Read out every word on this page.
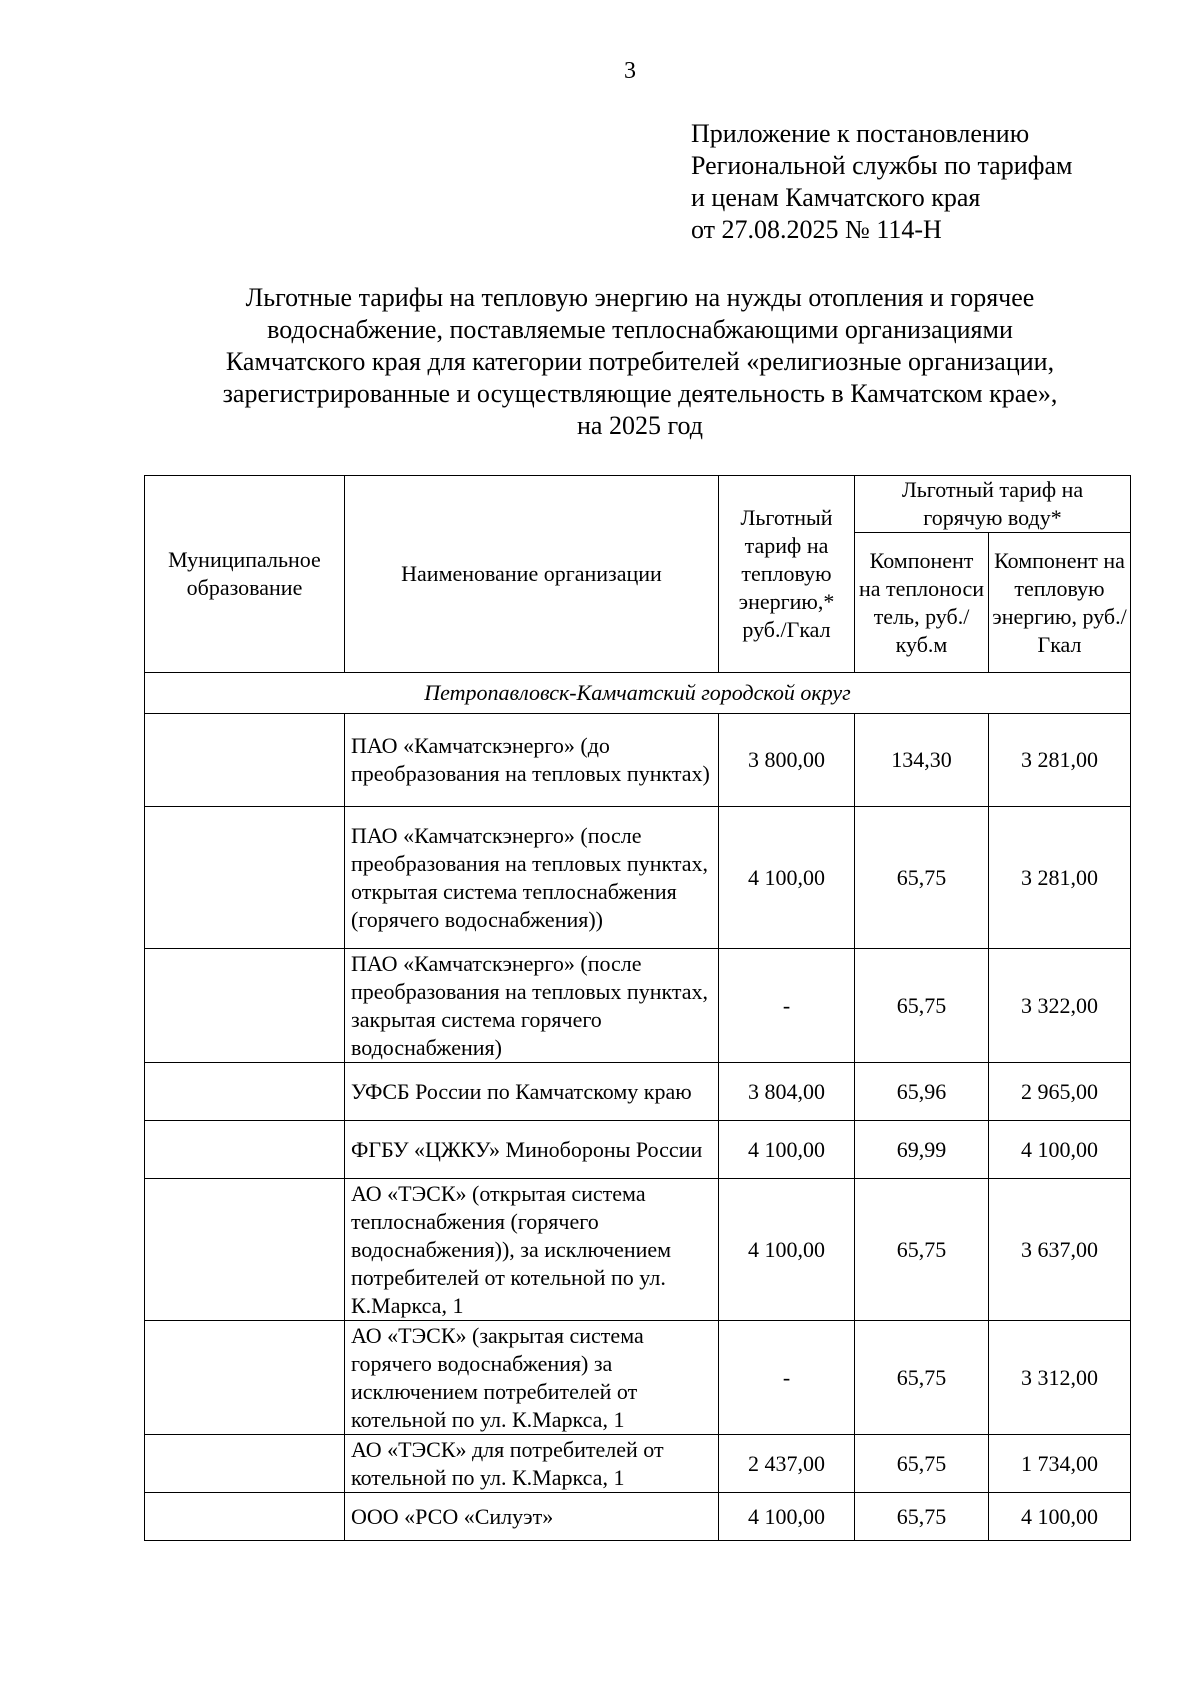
3
Приложение к постановлению
Региональной службы по тарифам
и ценам Камчатского края
от 27.08.2025 № 114-Н
Льготные тарифы на тепловую энергию на нужды отопления и горячее
водоснабжение, поставляемые теплоснабжающими организациями
Камчатского края для категории потребителей «религиозные организации,
зарегистрированные и осуществляющие деятельность в Камчатском крае»,
на 2025 год
Муниципальное образование	Наименование организации	Льготный тариф на тепловую энергию,* руб./Гкал	Льготный тариф на горячую воду*	
			Компонент на теплоноси тель, руб./куб.м	Компонент на тепловую энергию, руб./Гкал
Петропавловск-Камчатский городской округ				
	ПАО «Камчатскэнерго» (до преобразования на тепловых пунктах)	3 800,00	134,30	3 281,00
	ПАО «Камчатскэнерго» (после преобразования на тепловых пунктах, открытая система теплоснабжения (горячего водоснабжения))	4 100,00	65,75	3 281,00
	ПАО «Камчатскэнерго» (после преобразования на тепловых пунктах, закрытая система горячего водоснабжения)	-	65,75	3 322,00
	УФСБ России по Камчатскому краю	3 804,00	65,96	2 965,00
	ФГБУ «ЦЖКУ» Минобороны России	4 100,00	69,99	4 100,00
	АО «ТЭСК» (открытая система теплоснабжения (горячего водоснабжения)), за исключением потребителей от котельной по ул. К.Маркса, 1	4 100,00	65,75	3 637,00
	АО «ТЭСК» (закрытая система горячего водоснабжения) за исключением потребителей от котельной по ул. К.Маркса, 1	-	65,75	3 312,00
	АО «ТЭСК» для потребителей от котельной по ул. К.Маркса, 1	2 437,00	65,75	1 734,00
	ООО «РСО «Силуэт»	4 100,00	65,75	4 100,00
